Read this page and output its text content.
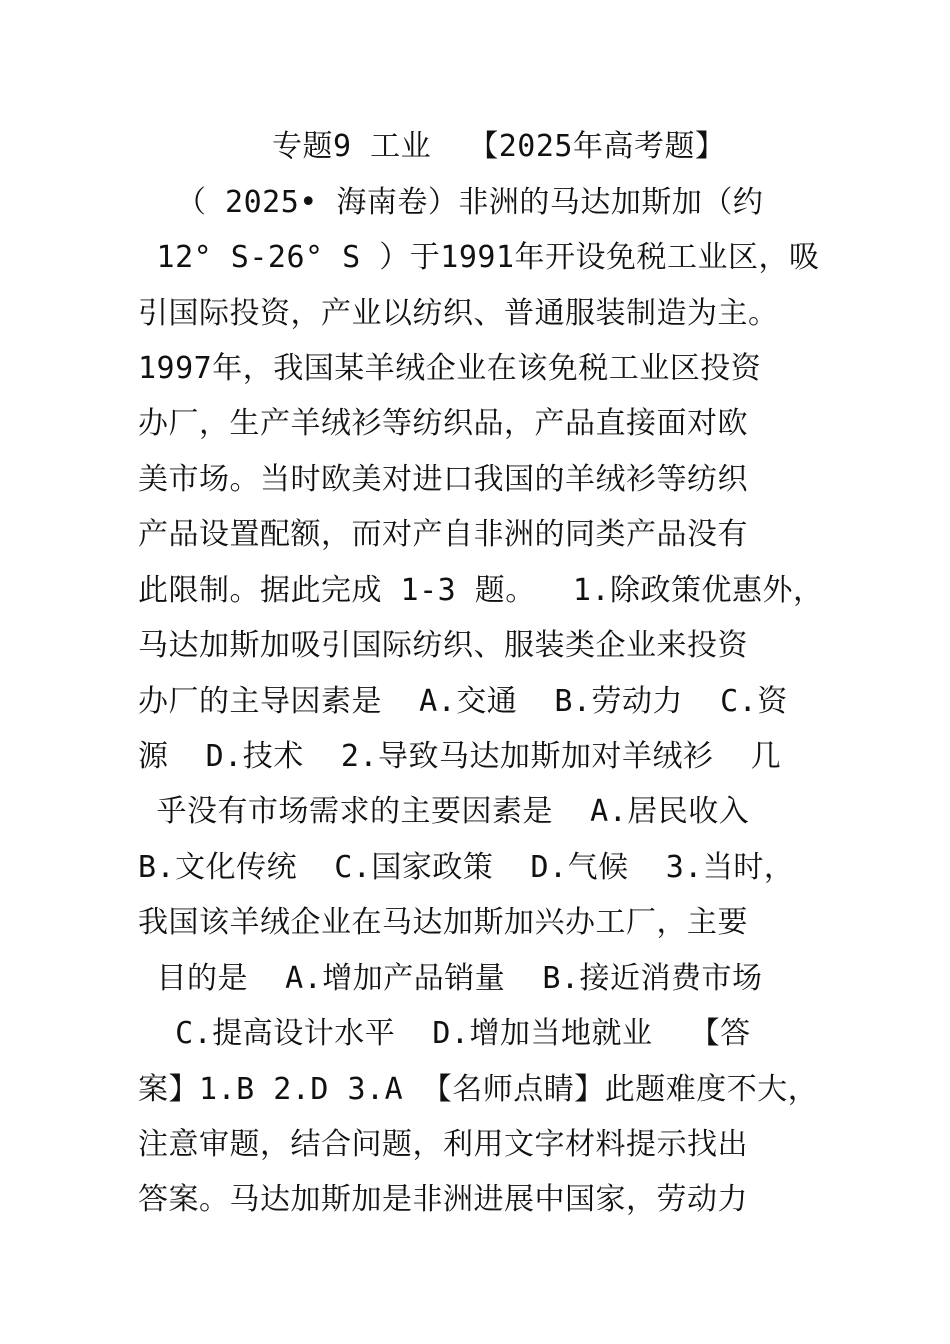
专题9 工业  【2025年高考题】
（ 2025• 海南卷）非洲的马达加斯加（约
12° S-26° S ）于1991年开设免税工业区，吸
引国际投资，产业以纺织、普通服装制造为主。
1997年，我国某羊绒企业在该免税工业区投资
办厂，生产羊绒衫等纺织品，产品直接面对欧
美市场。当时欧美对进口我国的羊绒衫等纺织
产品设置配额，而对产自非洲的同类产品没有
此限制。据此完成 1-3 题。  1.除政策优惠外，
马达加斯加吸引国际纺织、服装类企业来投资
办厂的主导因素是  A.交通  B.劳动力  C.资
源  D.技术  2.导致马达加斯加对羊绒衫  几
乎没有市场需求的主要因素是  A.居民收入
B.文化传统  C.国家政策  D.气候  3.当时，
我国该羊绒企业在马达加斯加兴办工厂，主要
目的是  A.增加产品销量  B.接近消费市场
C.提高设计水平  D.增加当地就业  【答
案】1.B 2.D 3.A 【名师点睛】此题难度不大，
注意审题，结合问题，利用文字材料提示找出
答案。马达加斯加是非洲进展中国家，劳动力
